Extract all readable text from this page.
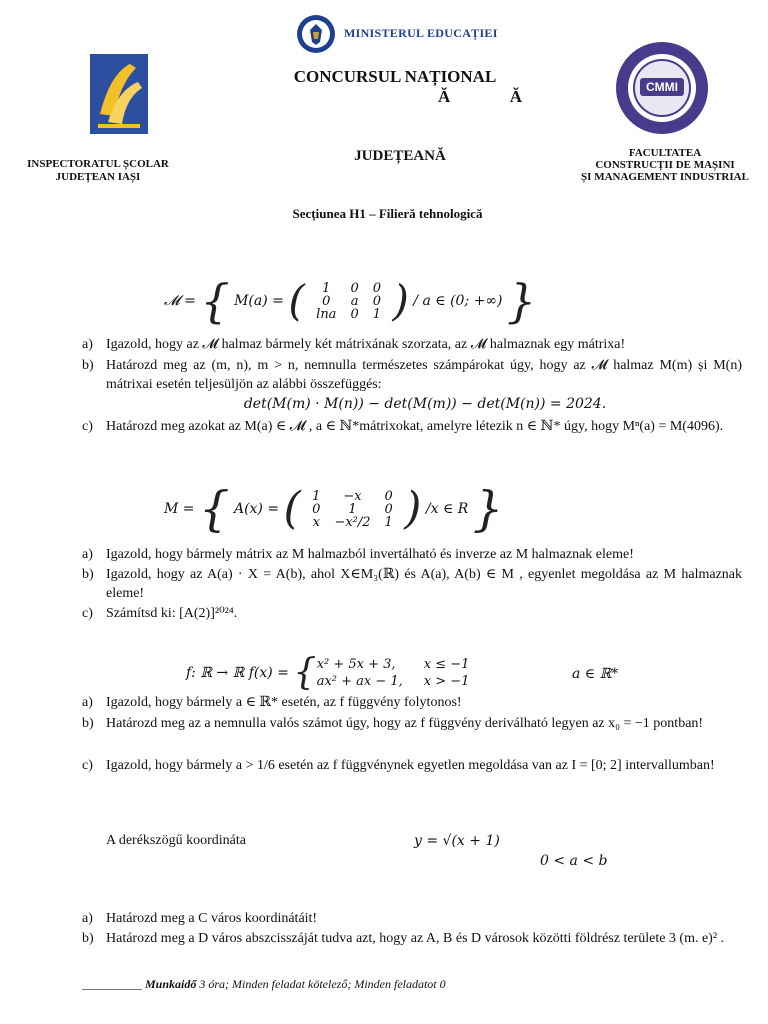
MINISTERUL EDUCAȚIEI
INSPECTORATUL ȘCOLAR
JUDEȚEAN IAȘI
CONCURSUL NAȚIONAL
Ă              Ă
JUDEȚEANĂ
CMMI
FACULTATEA
CONSTRUCȚII DE MAȘINI
ȘI MANAGEMENT INDUSTRIAL
Secțiunea H1 – Filieră tehnologică
𝓜 = { M(a) = ( 1	0	0
0	a	0
lna	0	1 ) / a ∈ (0; +∞) }
a) Igazold, hogy az 𝓜 halmaz bármely két mátrixának szorzata, az 𝓜 halmaznak egy mátrixa!
b) Határozd meg az (m, n), m > n, nemnulla természetes számpárokat úgy, hogy az 𝓜 halmaz M(m) și M(n) mátrixai esetén teljesüljön az alábbi összefüggés:
det(M(m) · M(n)) − det(M(m)) − det(M(n)) = 2024.
c) Határozd meg azokat az M(a) ∈ 𝓜 , a ∈ ℕ*mátrixokat, amelyre létezik n ∈ ℕ* úgy, hogy Mⁿ(a) = M(4096).
M = { A(x) = ( 1	−x	0
0	1	0
x	−x²/2	1 ) /x ∈ R }
a) Igazold, hogy bármely mátrix az M halmazból invertálható és inverze az M halmaznak eleme!
b) Igazold, hogy az A(a) · X = A(b), ahol X∈M₃(ℝ) és A(a), A(b) ∈ M , egyenlet megoldása az M halmaznak eleme!
c) Számítsd ki: [A(2)]²⁰²⁴.
f: ℝ → ℝ f(x) = { x² + 5x + 3,	x ≤ −1
ax² + ax − 1,	x > −1	a ∈ ℝ*
a) Igazold, hogy bármely a ∈ ℝ* esetén, az f függvény folytonos!
b) Határozd meg az a nemnulla valós számot úgy, hogy az f függvény deriválható legyen az x₀ = −1 pontban!
c) Igazold, hogy bármely a > 1/6 esetén az f függvénynek egyetlen megoldása van az I = [0; 2] intervallumban!
A derékszögű koordináta	y = √(x + 1)
0 < a < b
a) Határozd meg a C város koordinátáit!
b) Határozd meg a D város abszcisszáját tudva azt, hogy az A, B és D városok közötti földrész területe 3 (m. e)² .
__________ Munkaidő 3 óra; Minden feladat kötelező; Minden feladatot 0
